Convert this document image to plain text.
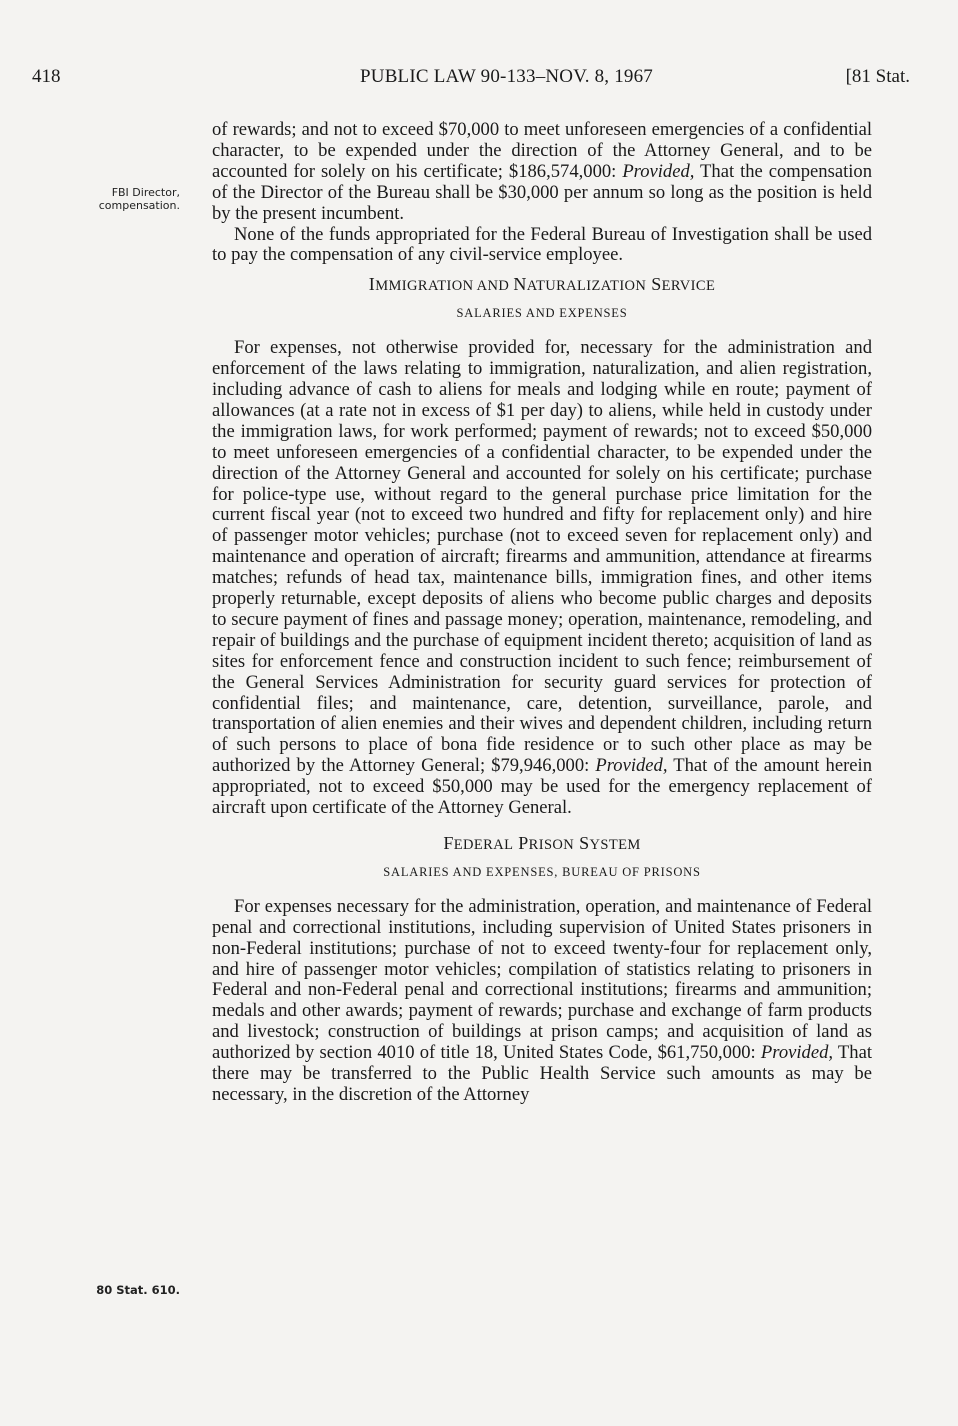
418	PUBLIC LAW 90-133–NOV. 8, 1967	[81 Stat.
FBI Director,
compensation.
80 Stat. 610.

of rewards; and not to exceed $70,000 to meet unforeseen emergencies of a confidential character, to be expended under the direction of the Attorney General, and to be accounted for solely on his certificate; $186,574,000: Provided, That the compensation of the Director of the Bureau shall be $30,000 per annum so long as the position is held by the present incumbent.

None of the funds appropriated for the Federal Bureau of Investigation shall be used to pay the compensation of any civil-service employee.

IMMIGRATION AND NATURALIZATION SERVICE
SALARIES AND EXPENSES

For expenses, not otherwise provided for, necessary for the administration and enforcement of the laws relating to immigration, naturalization, and alien registration, including advance of cash to aliens for meals and lodging while en route; payment of allowances (at a rate not in excess of $1 per day) to aliens, while held in custody under the immigration laws, for work performed; payment of rewards; not to exceed $50,000 to meet unforeseen emergencies of a confidential character, to be expended under the direction of the Attorney General and accounted for solely on his certificate; purchase for police-type use, without regard to the general purchase price limitation for the current fiscal year (not to exceed two hundred and fifty for replacement only) and hire of passenger motor vehicles; purchase (not to exceed seven for replacement only) and maintenance and operation of aircraft; firearms and ammunition, attendance at firearms matches; refunds of head tax, maintenance bills, immigration fines, and other items properly returnable, except deposits of aliens who become public charges and deposits to secure payment of fines and passage money; operation, maintenance, remodeling, and repair of buildings and the purchase of equipment incident thereto; acquisition of land as sites for enforcement fence and construction incident to such fence; reimbursement of the General Services Administration for security guard services for protection of confidential files; and maintenance, care, detention, surveillance, parole, and transportation of alien enemies and their wives and dependent children, including return of such persons to place of bona fide residence or to such other place as may be authorized by the Attorney General; $79,946,000: Provided, That of the amount herein appropriated, not to exceed $50,000 may be used for the emergency replacement of aircraft upon certificate of the Attorney General.

FEDERAL PRISON SYSTEM
SALARIES AND EXPENSES, BUREAU OF PRISONS

For expenses necessary for the administration, operation, and maintenance of Federal penal and correctional institutions, including supervision of United States prisoners in non-Federal institutions; purchase of not to exceed twenty-four for replacement only, and hire of passenger motor vehicles; compilation of statistics relating to prisoners in Federal and non-Federal penal and correctional institutions; firearms and ammunition; medals and other awards; payment of rewards; purchase and exchange of farm products and livestock; construction of buildings at prison camps; and acquisition of land as authorized by section 4010 of title 18, United States Code, $61,750,000: Provided, That there may be transferred to the Public Health Service such amounts as may be necessary, in the discretion of the Attorney
